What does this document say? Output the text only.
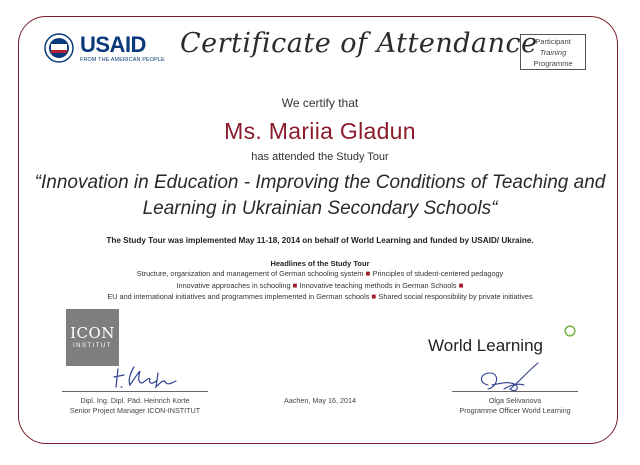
USAID
FROM THE AMERICAN PEOPLE
Certificate of Attendance
Participant
Training
Programme
We certify that
Ms. Mariia Gladun
has attended the Study Tour
“Innovation in Education - Improving the Conditions of Teaching and
Learning in Ukrainian Secondary Schools“
The Study Tour was implemented May 11-18, 2014 on behalf of World Learning and funded by USAID/ Ukraine.
Headlines of the Study Tour
Structure, organization and management of German schooling system ■ Principles of student-centered pedagogy
Innovative approaches in schooling ■ Innovative teaching methods in German Schools ■
EU and international initiatives and programmes implemented in German schools ■ Shared social responsibility by private initiatives
ICON
INSTITUT	World Learning
Dipl. Ing. Dipl. Päd. Heinrich Korte
Senior Project Manager ICON-INSTITUT
Aachen, May 16, 2014	Olga Selivanova
Programme Officer World Learning
